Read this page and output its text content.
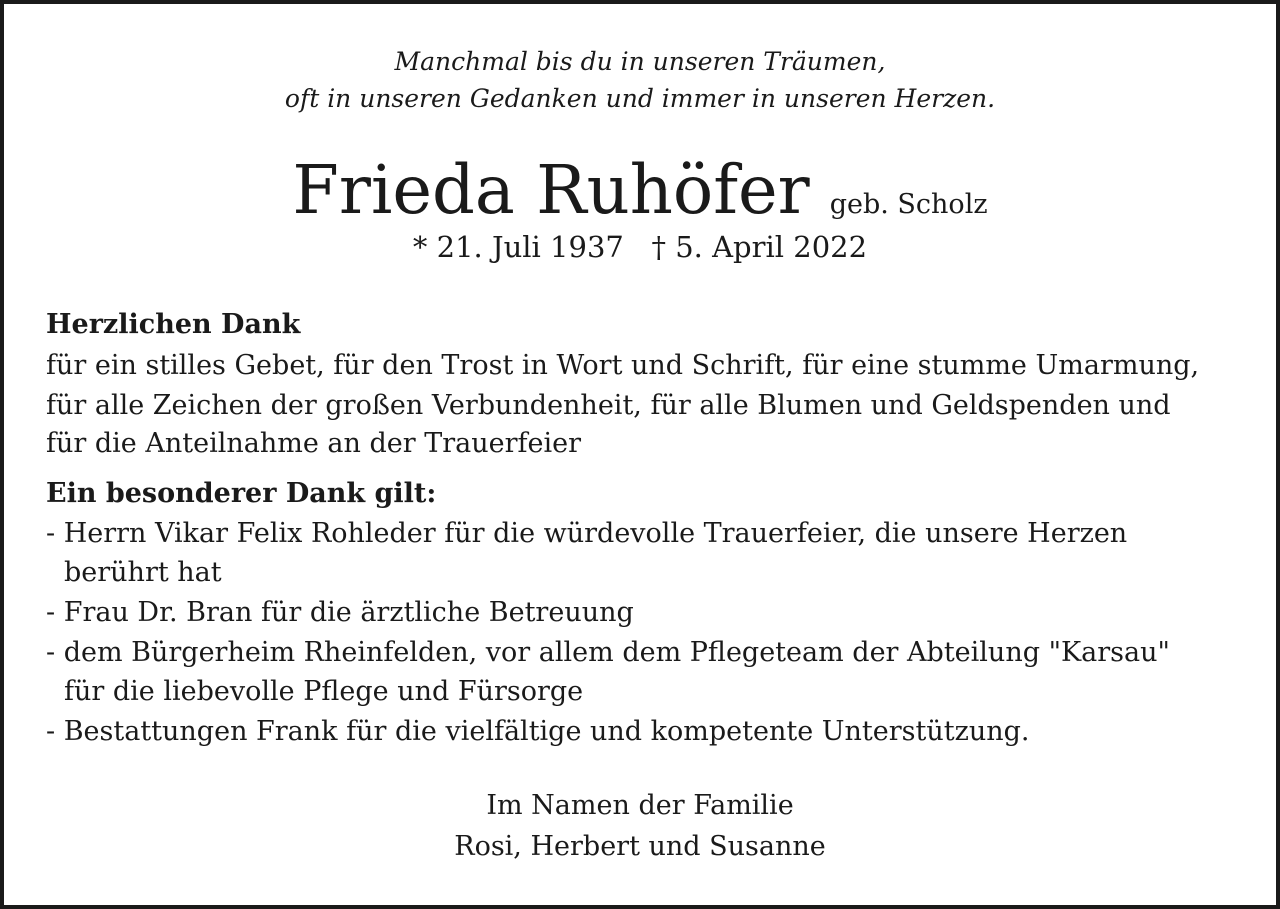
Manchmal bis du in unseren Träumen,
oft in unseren Gedanken und immer in unseren Herzen.
Frieda Ruhöfer geb. Scholz
* 21. Juli 1937   † 5. April 2022
Herzlichen Dank
für ein stilles Gebet, für den Trost in Wort und Schrift, für eine stumme Umarmung,
für alle Zeichen der großen Verbundenheit, für alle Blumen und Geldspenden und
für die Anteilnahme an der Trauerfeier
Ein besonderer Dank gilt:
- Herrn Vikar Felix Rohleder für die würdevolle Trauerfeier, die unsere Herzen
berührt hat
- Frau Dr. Bran für die ärztliche Betreuung
- dem Bürgerheim Rheinfelden, vor allem dem Pflegeteam der Abteilung "Karsau"
für die liebevolle Pflege und Fürsorge
- Bestattungen Frank für die vielfältige und kompetente Unterstützung.
Im Namen der Familie
Rosi, Herbert und Susanne
